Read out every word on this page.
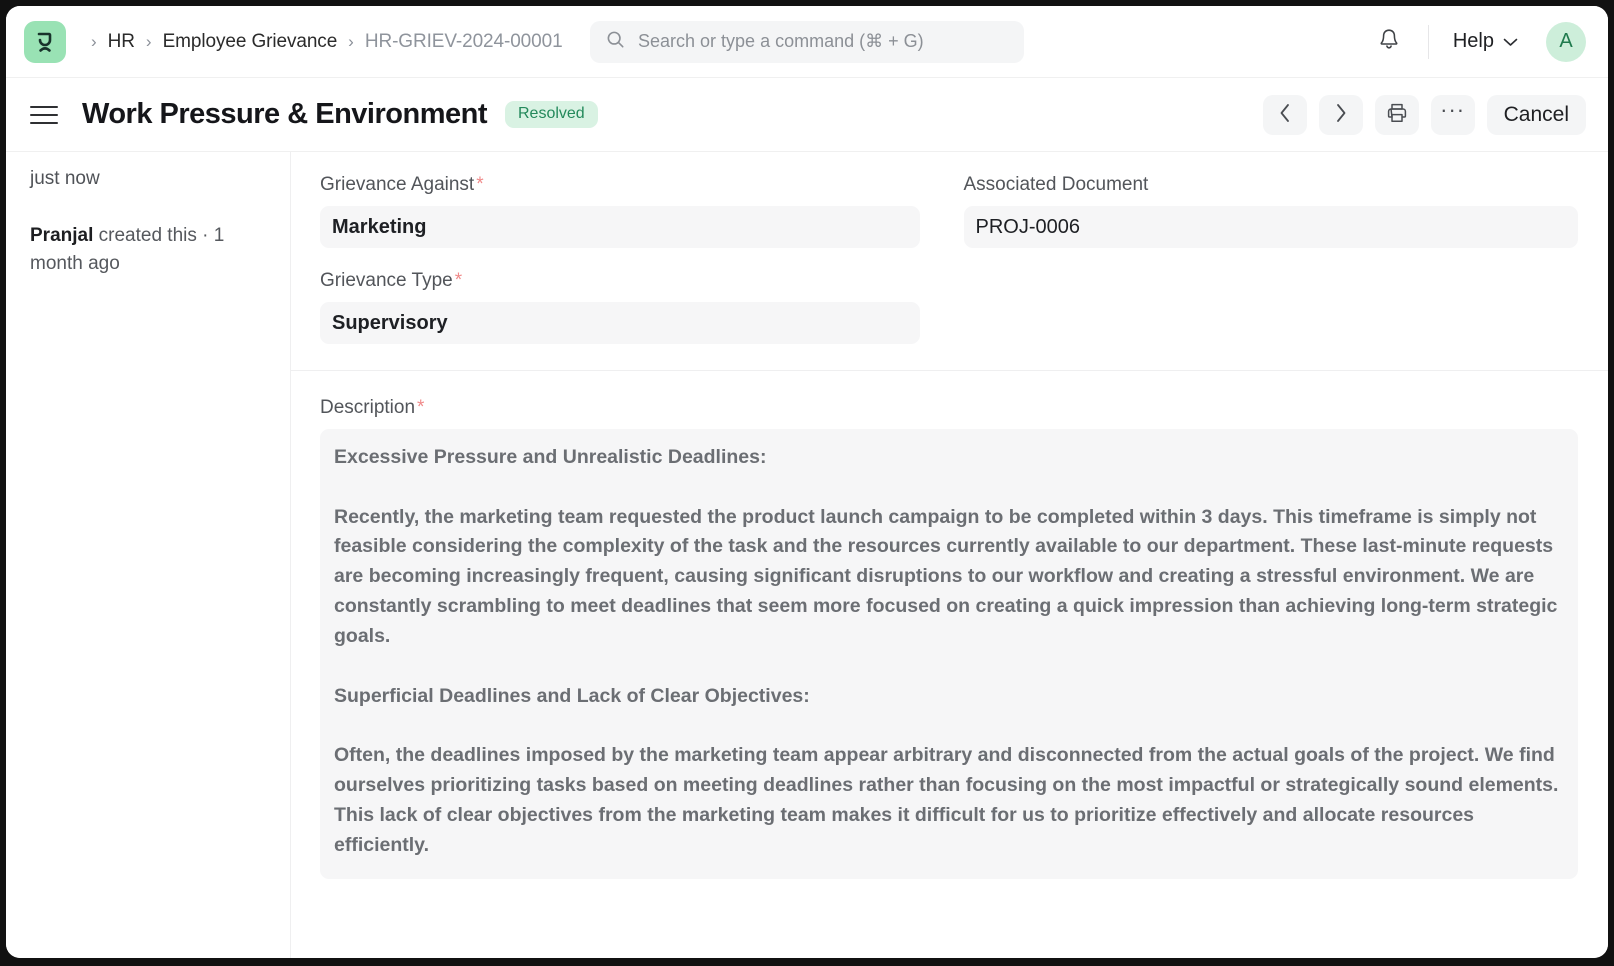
› HR › Employee Grievance › HR-GRIEV-2024-00001
Search or type a command (⌘ + G)	Help	A
Work Pressure & Environment	Resolved	···	Cancel
just now
Pranjal created this · 1 month ago
Grievance Against *
Marketing
Grievance Type *
Supervisory
Associated Document
PROJ-0006
Description *

Excessive Pressure and Unrealistic Deadlines:

Recently, the marketing team requested the product launch campaign to be completed within 3 days. This timeframe is simply not feasible considering the complexity of the task and the resources currently available to our department. These last-minute requests are becoming increasingly frequent, causing significant disruptions to our workflow and creating a stressful environment. We are constantly scrambling to meet deadlines that seem more focused on creating a quick impression than achieving long-term strategic goals.

Superficial Deadlines and Lack of Clear Objectives:

Often, the deadlines imposed by the marketing team appear arbitrary and disconnected from the actual goals of the project. We find ourselves prioritizing tasks based on meeting deadlines rather than focusing on the most impactful or strategically sound elements.

This lack of clear objectives from the marketing team makes it difficult for us to prioritize effectively and allocate resources efficiently.
